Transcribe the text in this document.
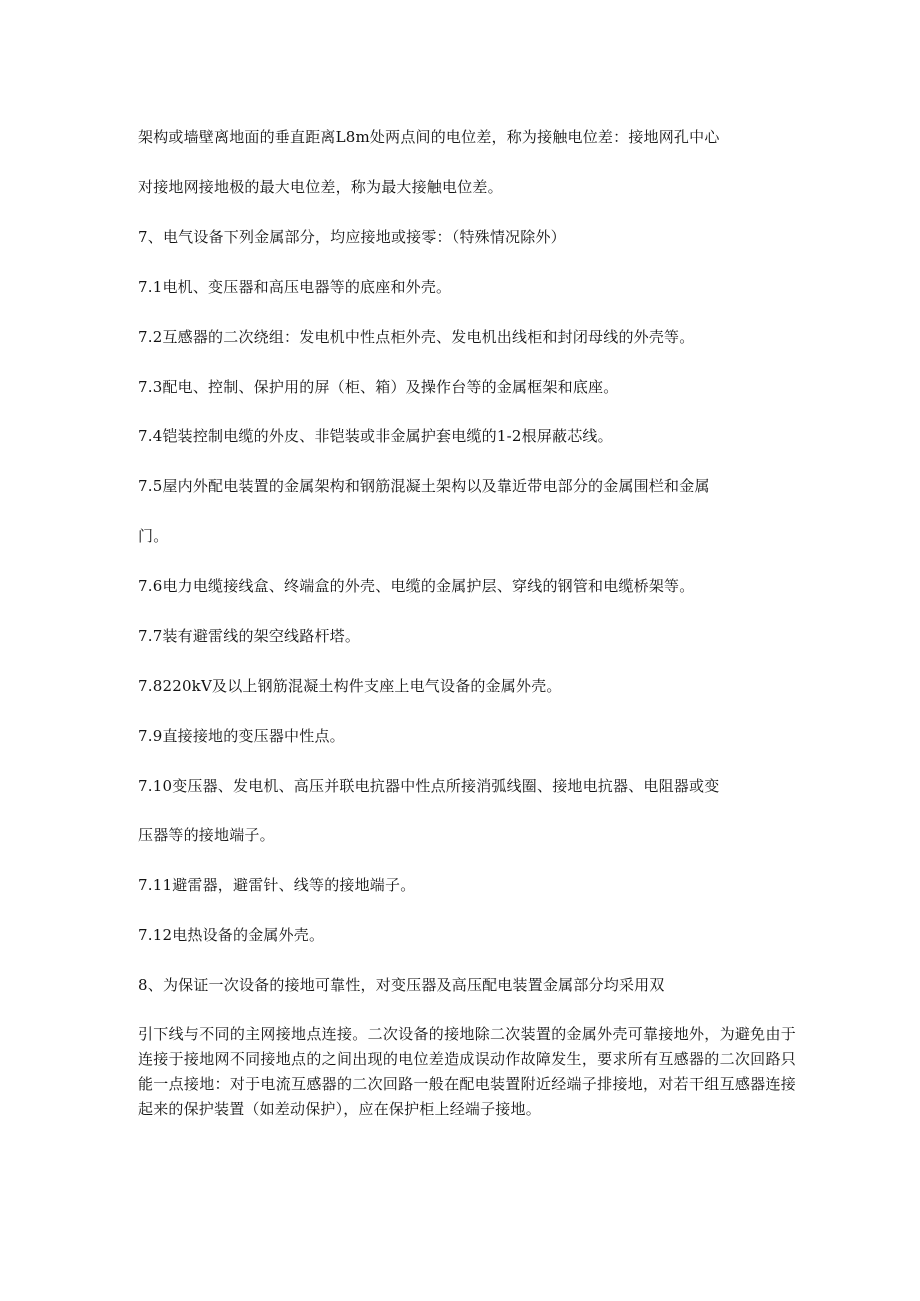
架构或墙壁离地面的垂直距离L8m处两点间的电位差，称为接触电位差：接地网孔中心
对接地网接地极的最大电位差，称为最大接触电位差。
7、电气设备下列金属部分，均应接地或接零：（特殊情况除外）
7.1电机、变压器和高压电器等的底座和外壳。
7.2互感器的二次绕组：发电机中性点柜外壳、发电机出线柜和封闭母线的外壳等。
7.3配电、控制、保护用的屏（柜、箱）及操作台等的金属框架和底座。
7.4铠装控制电缆的外皮、非铠装或非金属护套电缆的1-2根屏蔽芯线。
7.5屋内外配电装置的金属架构和钢筋混凝土架构以及靠近带电部分的金属围栏和金属
门。
7.6电力电缆接线盒、终端盒的外壳、电缆的金属护层、穿线的钢管和电缆桥架等。
7.7装有避雷线的架空线路杆塔。
7.8220kV及以上钢筋混凝土构件支座上电气设备的金属外壳。
7.9直接接地的变压器中性点。
7.10变压器、发电机、高压并联电抗器中性点所接消弧线圈、接地电抗器、电阻器或变
压器等的接地端子。
7.11避雷器，避雷针、线等的接地端子。
7.12电热设备的金属外壳。
8、为保证一次设备的接地可靠性，对变压器及高压配电装置金属部分均采用双
引下线与不同的主网接地点连接。二次设备的接地除二次装置的金属外壳可靠接地外，为避免由于连接于接地网不同接地点的之间出现的电位差造成误动作故障发生，要求所有互感器的二次回路只能一点接地：对于电流互感器的二次回路一般在配电装置附近经端子排接地，对若干组互感器连接起来的保护装置（如差动保护），应在保护柜上经端子接地。
